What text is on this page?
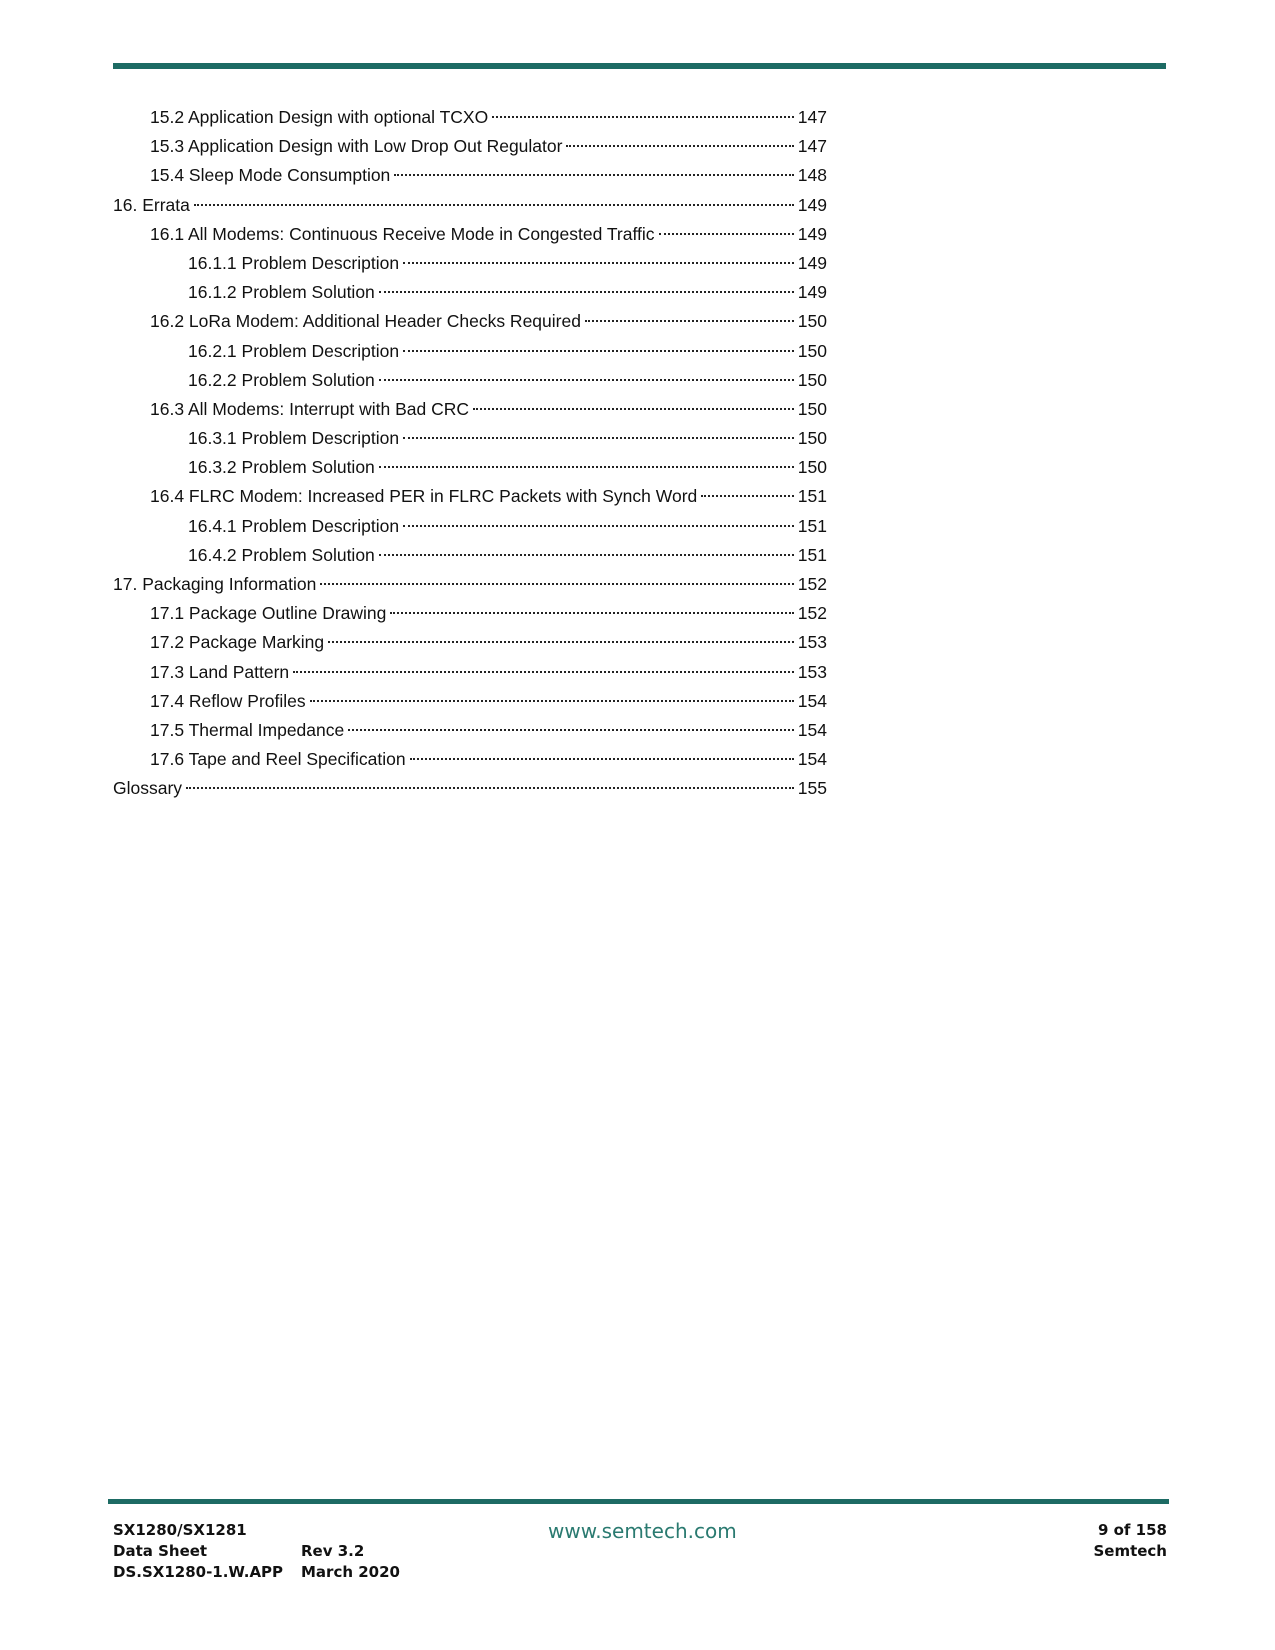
15.2 Application Design with optional TCXO	147
15.3 Application Design with Low Drop Out Regulator	147
15.4 Sleep Mode Consumption	148
16. Errata	149
16.1 All Modems: Continuous Receive Mode in Congested Traffic	149
16.1.1 Problem Description	149
16.1.2 Problem Solution	149
16.2 LoRa Modem: Additional Header Checks Required	150
16.2.1 Problem Description	150
16.2.2 Problem Solution	150
16.3 All Modems: Interrupt with Bad CRC	150
16.3.1 Problem Description	150
16.3.2 Problem Solution	150
16.4 FLRC Modem: Increased PER in FLRC Packets with Synch Word	151
16.4.1 Problem Description	151
16.4.2 Problem Solution	151
17. Packaging Information	152
17.1 Package Outline Drawing	152
17.2 Package Marking	153
17.3 Land Pattern	153
17.4 Reflow Profiles	154
17.5 Thermal Impedance	154
17.6 Tape and Reel Specification	154
Glossary	155
SX1280/SX1281
Data Sheet
DS.SX1280-1.W.APP
Rev 3.2
March 2020
www.semtech.com	9 of 158
Semtech
